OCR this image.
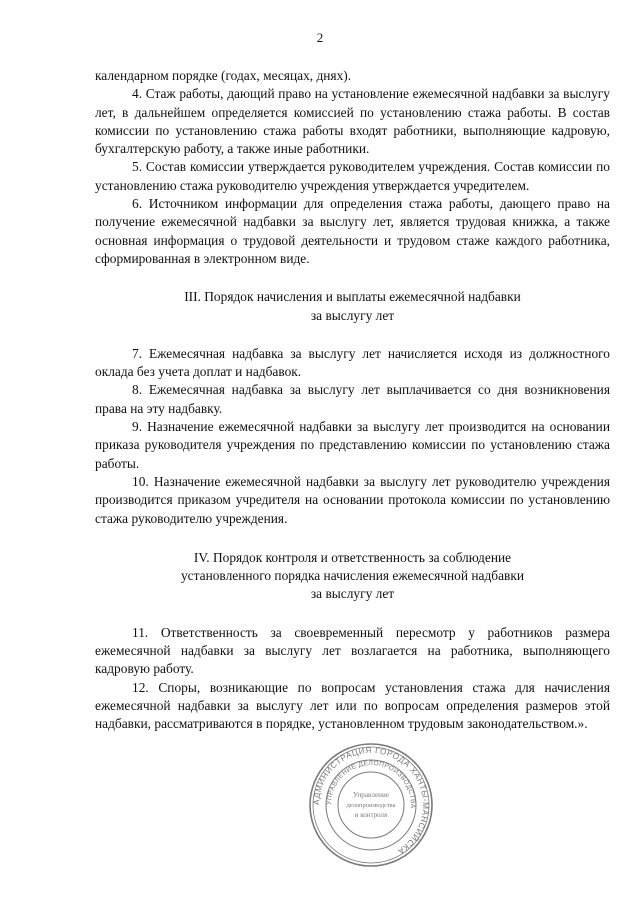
2

календарном порядке (годах, месяцах, днях).

4. Стаж работы, дающий право на установление ежемесячной надбавки за выслугу лет, в дальнейшем определяется комиссией по установлению стажа работы. В состав комиссии по установлению стажа работы входят работники, выполняющие кадровую, бухгалтерскую работу, а также иные работники.

5. Состав комиссии утверждается руководителем учреждения. Состав комиссии по установлению стажа руководителю учреждения утверждается учредителем.

6. Источником информации для определения стажа работы, дающего право на получение ежемесячной надбавки за выслугу лет, является трудовая книжка, а также основная информация о трудовой деятельности и трудовом стаже каждого работника, сформированная в электронном виде.

III. Порядок начисления и выплаты ежемесячной надбавки
за выслугу лет

7. Ежемесячная надбавка за выслугу лет начисляется исходя из должностного оклада без учета доплат и надбавок.

8. Ежемесячная надбавка за выслугу лет выплачивается со дня возникновения права на эту надбавку.

9. Назначение ежемесячной надбавки за выслугу лет производится на основании приказа руководителя учреждения по представлению комиссии по установлению стажа работы.

10. Назначение ежемесячной надбавки за выслугу лет руководителю учреждения производится приказом учредителя на основании протокола комиссии по установлению стажа руководителю учреждения.

IV. Порядок контроля и ответственность за соблюдение
установленного порядка начисления ежемесячной надбавки
за выслугу лет

11. Ответственность за своевременный пересмотр у работников размера ежемесячной надбавки за выслугу лет возлагается на работника, выполняющего кадровую работу.

12. Споры, возникающие по вопросам установления стажа для начисления ежемесячной надбавки за выслугу лет или по вопросам определения размеров этой надбавки, рассматриваются в порядке, установленном трудовым законодательством.».

АДМИНИСТРАЦИЯ ГОРОДА ХАНТЫ-МАНСИЙСКА
УПРАВЛЕНИЕ ДЕЛОПРОИЗВОДСТВА
Управление
делопроизводства
и контроля
